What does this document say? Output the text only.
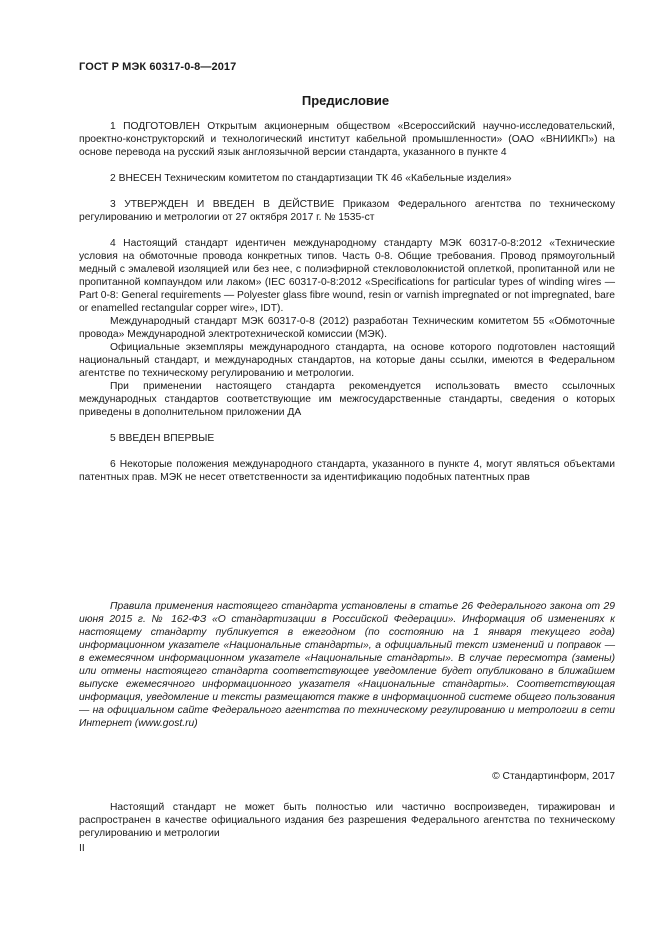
ГОСТ Р МЭК 60317-0-8—2017
Предисловие

1 ПОДГОТОВЛЕН Открытым акционерным обществом «Всероссийский научно-исследовательский, проектно-конструкторский и технологический институт кабельной промышленности» (ОАО «ВНИИКП») на основе перевода на русский язык англоязычной версии стандарта, указанного в пункте 4

2 ВНЕСЕН Техническим комитетом по стандартизации ТК 46 «Кабельные изделия»

3 УТВЕРЖДЕН И ВВЕДЕН В ДЕЙСТВИЕ Приказом Федерального агентства по техническому регулированию и метрологии от 27 октября 2017 г. № 1535-ст

4 Настоящий стандарт идентичен международному стандарту МЭК 60317-0-8:2012 «Технические условия на обмоточные провода конкретных типов. Часть 0-8. Общие требования. Провод прямоугольный медный с эмалевой изоляцией или без нее, с полиэфирной стекловолокнистой оплеткой, пропитанной или не пропитанной компаундом или лаком» (IEC 60317-0-8:2012 «Specifications for particular types of winding wires — Part 0-8: General requirements — Polyester glass fibre wound, resin or varnish impregnated or not impregnated, bare or enamelled rectangular copper wire», IDT).

Международный стандарт МЭК 60317-0-8 (2012) разработан Техническим комитетом 55 «Обмоточные провода» Международной электротехнической комиссии (МЭК).

Официальные экземпляры международного стандарта, на основе которого подготовлен настоящий национальный стандарт, и международных стандартов, на которые даны ссылки, имеются в Федеральном агентстве по техническому регулированию и метрологии.

При применении настоящего стандарта рекомендуется использовать вместо ссылочных международных стандартов соответствующие им межгосударственные стандарты, сведения о которых приведены в дополнительном приложении ДА

5 ВВЕДЕН ВПЕРВЫЕ

6 Некоторые положения международного стандарта, указанного в пункте 4, могут являться объектами патентных прав. МЭК не несет ответственности за идентификацию подобных патентных прав

Правила применения настоящего стандарта установлены в статье 26 Федерального закона от 29 июня 2015 г. № 162-ФЗ «О стандартизации в Российской Федерации». Информация об изменениях к настоящему стандарту публикуется в ежегодном (по состоянию на 1 января текущего года) информационном указателе «Национальные стандарты», а официальный текст изменений и поправок — в ежемесячном информационном указателе «Национальные стандарты». В случае пересмотра (замены) или отмены настоящего стандарта соответствующее уведомление будет опубликовано в ближайшем выпуске ежемесячного информационного указателя «Национальные стандарты». Соответствующая информация, уведомление и тексты размещаются также в информационной системе общего пользования — на официальном сайте Федерального агентства по техническому регулированию и метрологии в сети Интернет (www.gost.ru)

© Стандартинформ, 2017

Настоящий стандарт не может быть полностью или частично воспроизведен, тиражирован и распространен в качестве официального издания без разрешения Федерального агентства по техническому регулированию и метрологии

II
